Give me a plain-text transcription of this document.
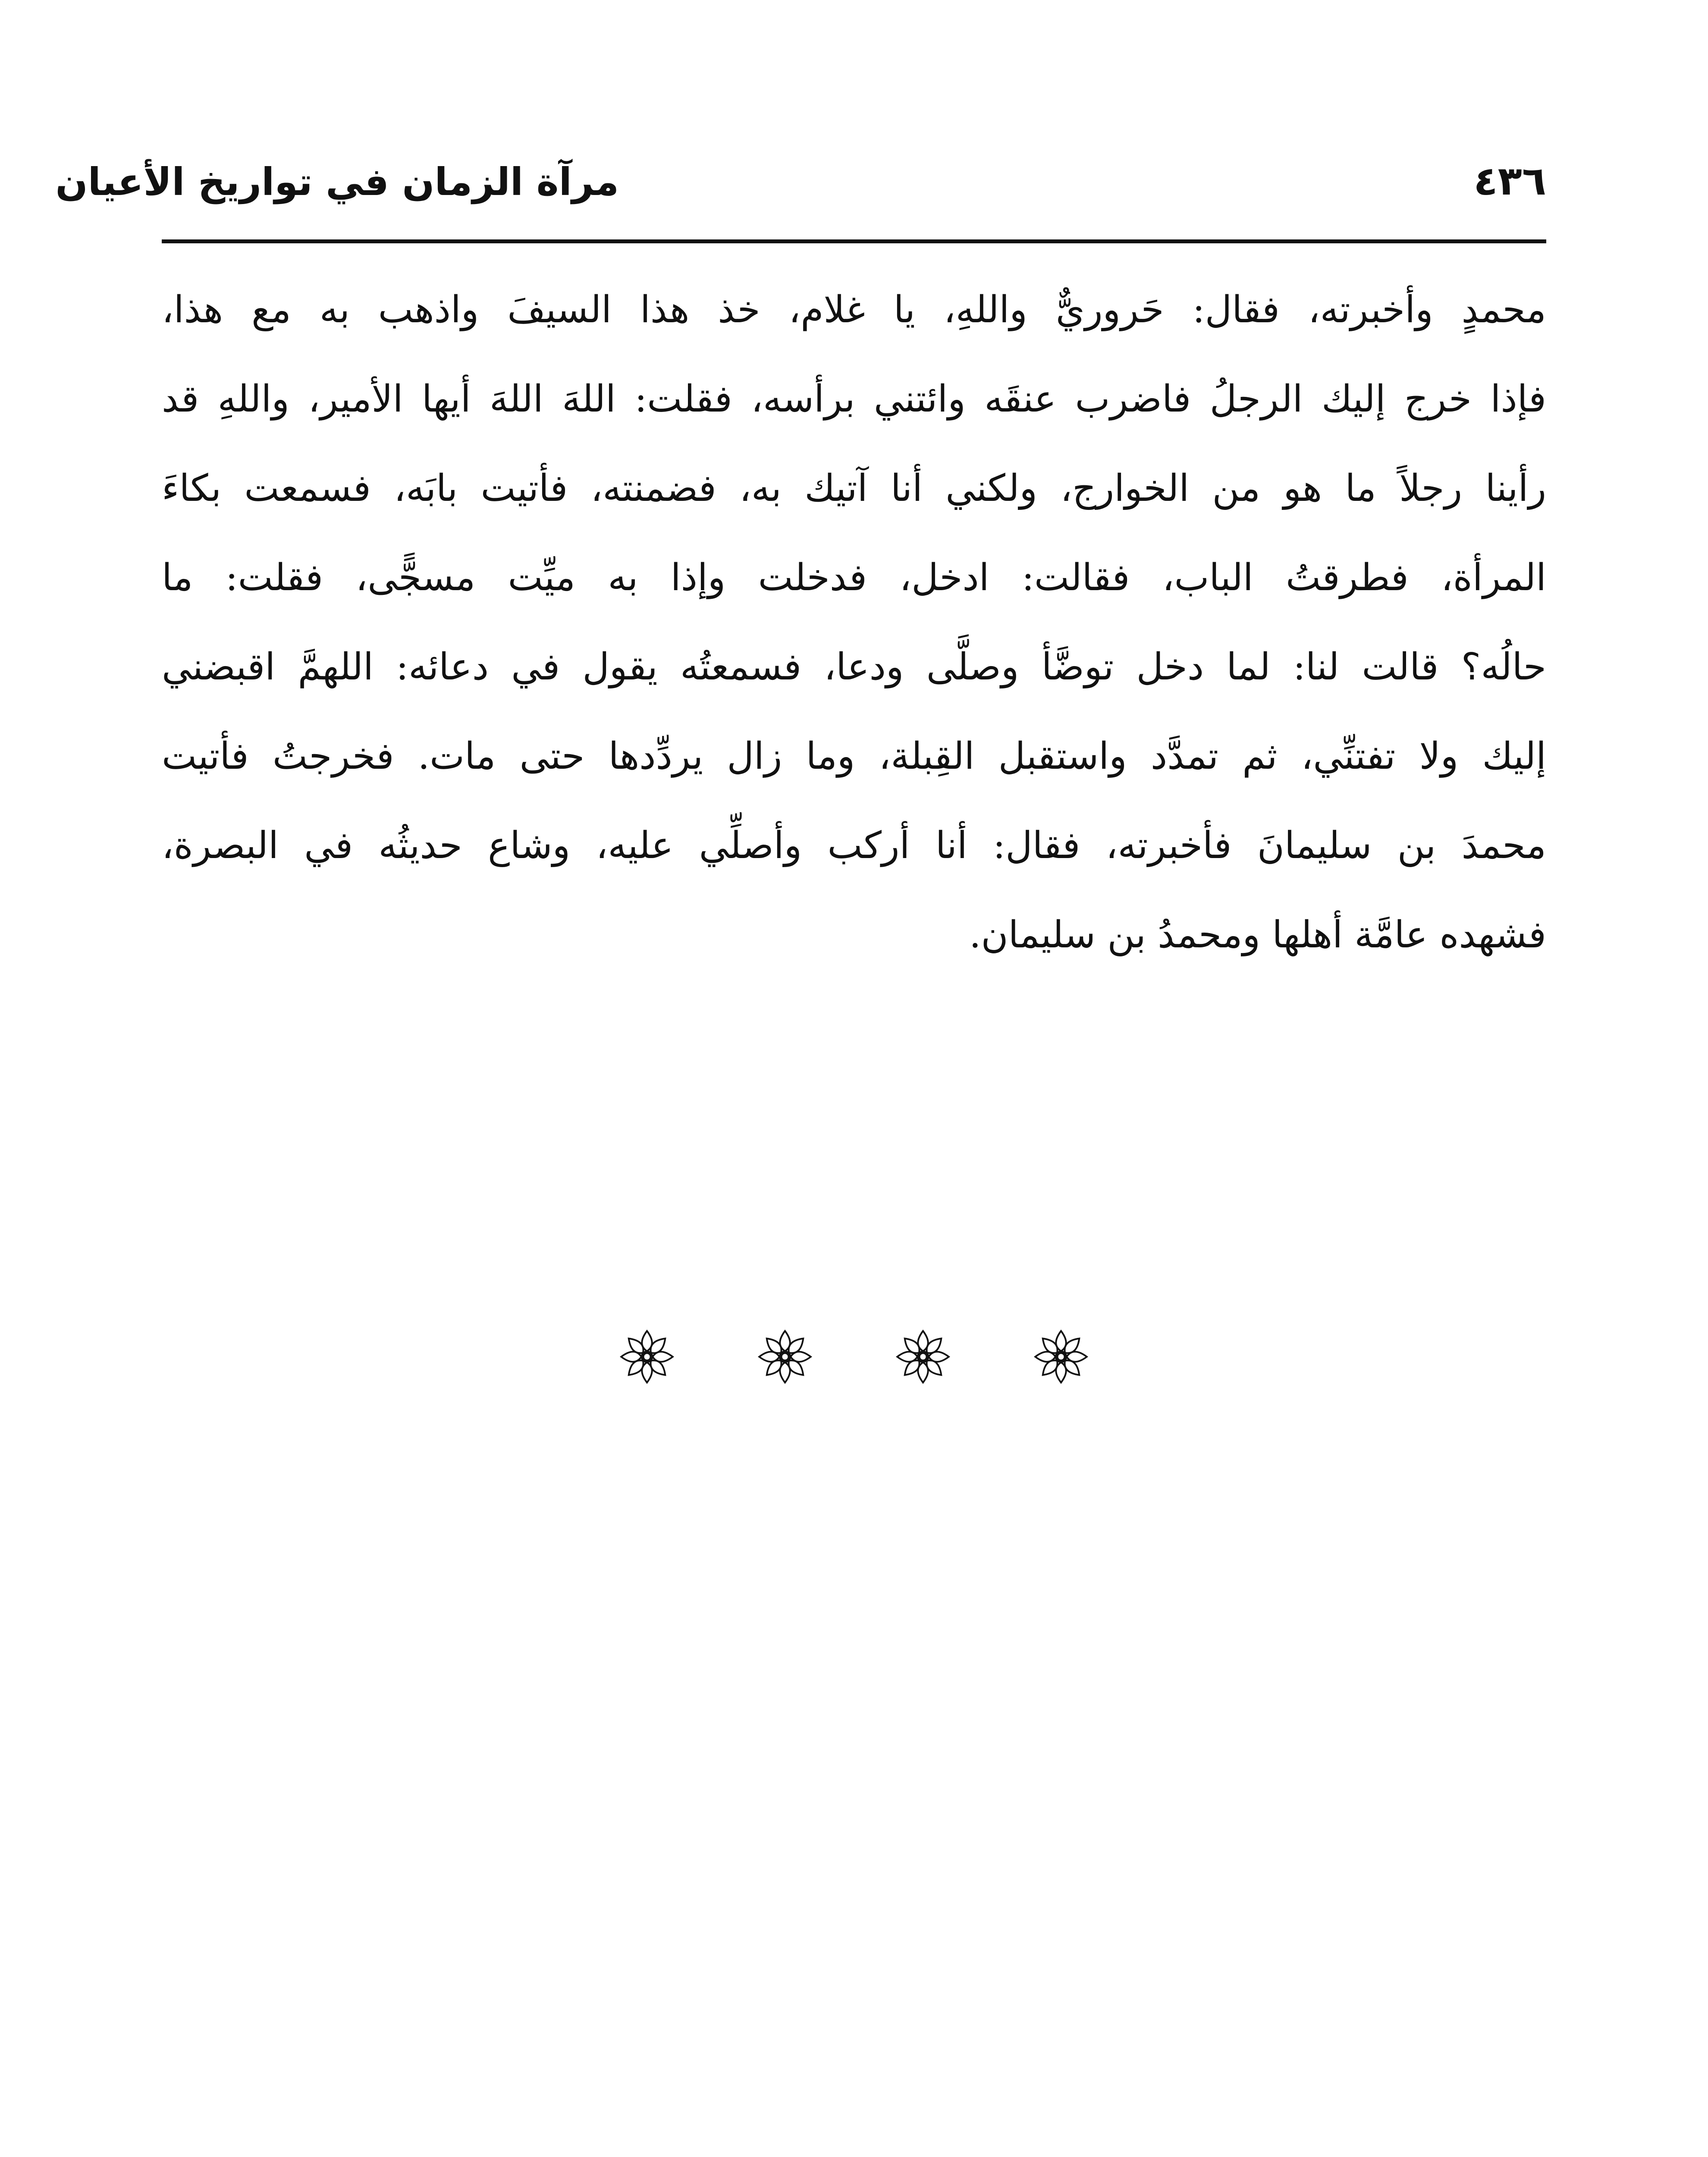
٤٣٦
مرآة الزمان في تواريخ الأعيان
محمدٍ وأخبرته، فقال: حَروريٌّ واللهِ، يا غلام، خذ هذا السيفَ واذهب به مع هذا،
فإذا خرج إليك الرجلُ فاضرب عنقَه وائتني برأسه، فقلت: اللهَ اللهَ أيها الأمير، واللهِ قد
رأينا رجلاً ما هو من الخوارج، ولكني أنا آتيك به، فضمنته، فأتيت بابَه، فسمعت بكاءَ
المرأة، فطرقتُ الباب، فقالت: ادخل، فدخلت وإذا به ميِّت مسجًّى، فقلت: ما
حالُه؟ قالت لنا: لما دخل توضَّأ وصلَّى ودعا، فسمعتُه يقول في دعائه: اللهمَّ اقبضني
إليك ولا تفتنِّي، ثم تمدَّد واستقبل القِبلة، وما زال يردِّدها حتى مات. فخرجتُ فأتيت
محمدَ بن سليمانَ فأخبرته، فقال: أنا أركب وأصلِّي عليه، وشاع حديثُه في البصرة،
فشهده عامَّة أهلها ومحمدُ بن سليمان.
